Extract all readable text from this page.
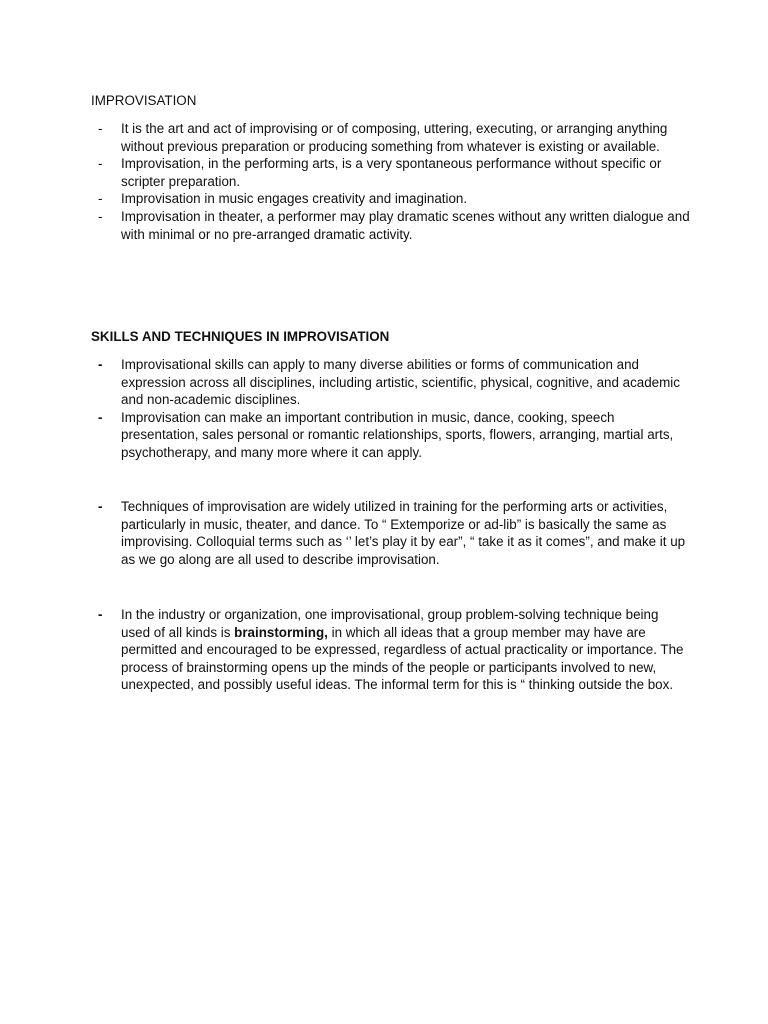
IMPROVISATION
- It is the art and act of improvising or of composing, uttering, executing, or arranging anything without previous preparation or producing something from whatever is existing or available.
- Improvisation, in the performing arts, is a very spontaneous performance without specific or scripter preparation.
- Improvisation in music engages creativity and imagination.
- Improvisation in theater, a performer may play dramatic scenes without any written dialogue and with minimal or no pre-arranged dramatic activity.
SKILLS AND TECHNIQUES IN IMPROVISATION
- Improvisational skills can apply to many diverse abilities or forms of communication and expression across all disciplines, including artistic, scientific, physical, cognitive, and academic and non-academic disciplines.
- Improvisation can make an important contribution in music, dance, cooking, speech presentation, sales personal or romantic relationships, sports, flowers, arranging, martial arts, psychotherapy, and many more where it can apply.
- Techniques of improvisation are widely utilized in training for the performing arts or activities, particularly in music, theater, and dance. To “ Extemporize or ad-lib” is basically the same as improvising. Colloquial terms such as ‘’ let’s play it by ear”, “ take it as it comes”, and make it up as we go along are all used to describe improvisation.
- In the industry or organization, one improvisational, group problem-solving technique being used of all kinds is brainstorming, in which all ideas that a group member may have are permitted and encouraged to be expressed, regardless of actual practicality or importance. The process of brainstorming opens up the minds of the people or participants involved to new, unexpected, and possibly useful ideas. The informal term for this is “ thinking outside the box.
